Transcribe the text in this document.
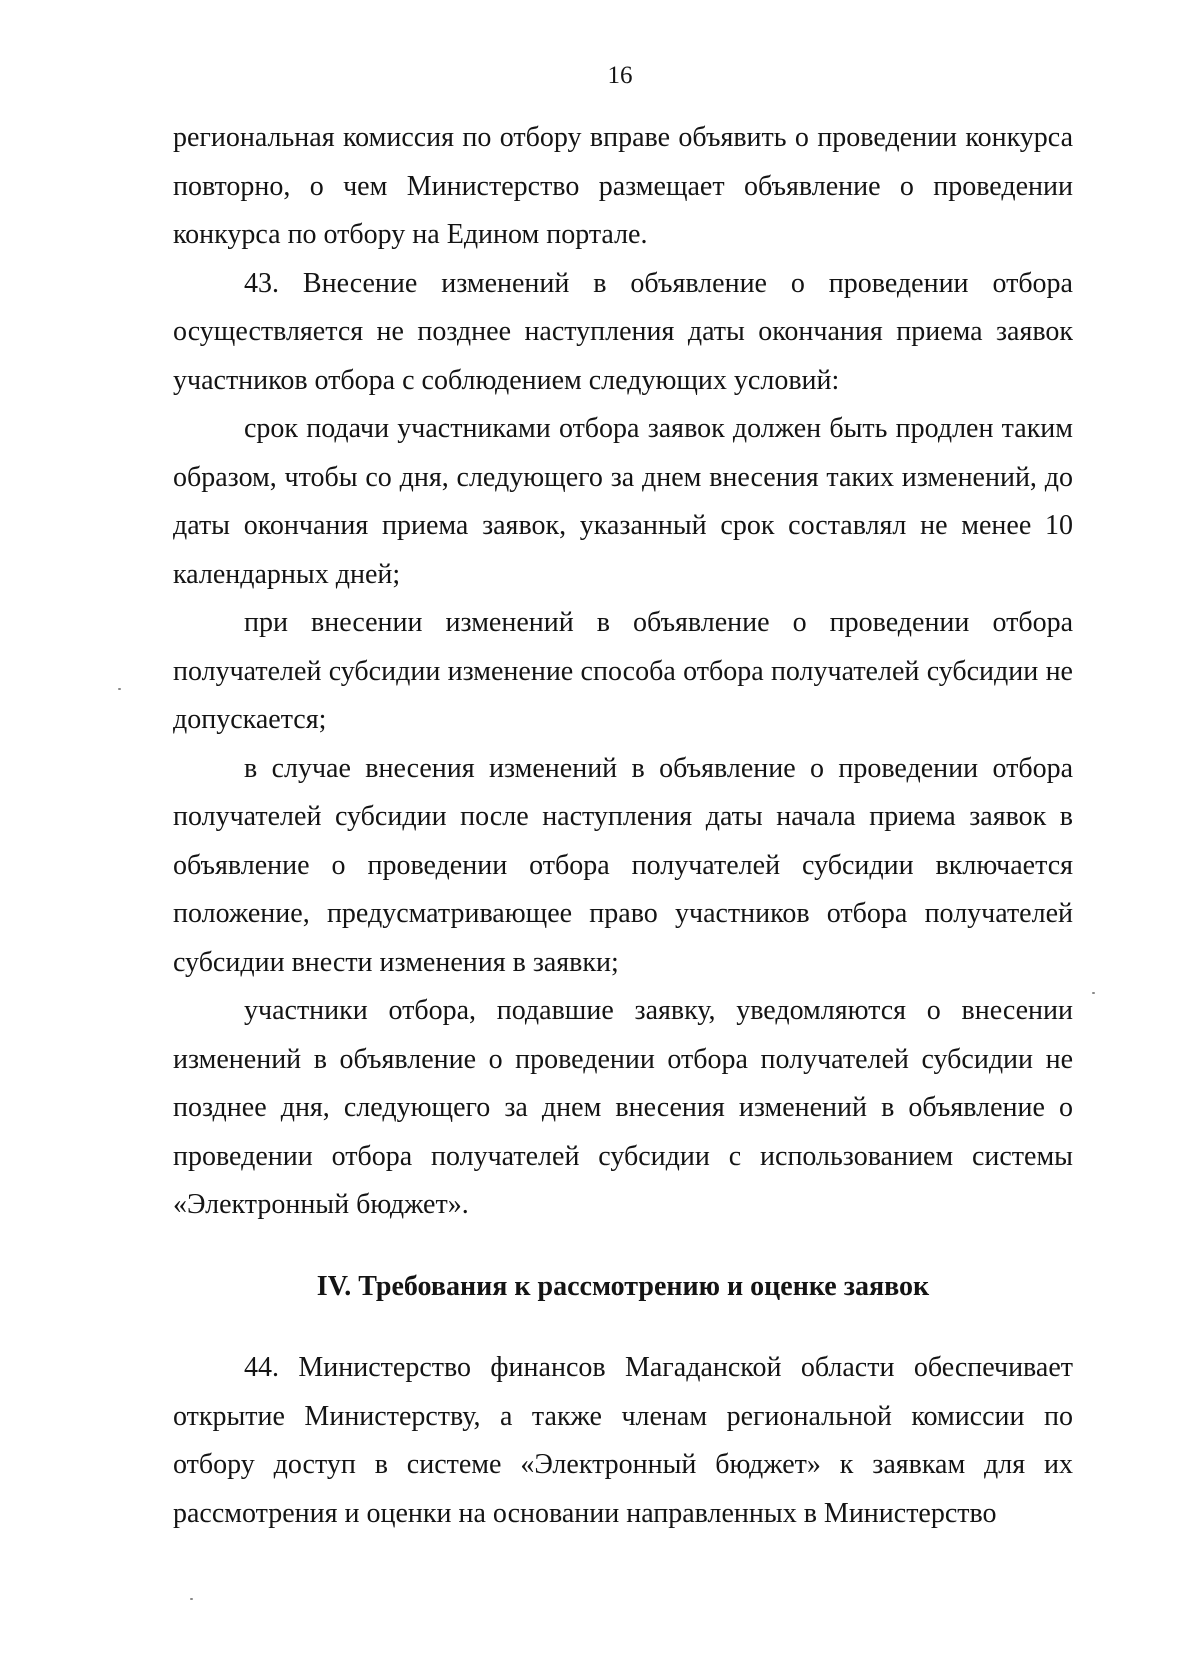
16

региональная комиссия по отбору вправе объявить о проведении конкурса повторно, о чем Министерство размещает объявление о проведении конкурса по отбору на Едином портале.

43. Внесение изменений в объявление о проведении отбора осуществляется не позднее наступления даты окончания приема заявок участников отбора с соблюдением следующих условий:

срок подачи участниками отбора заявок должен быть продлен таким образом, чтобы со дня, следующего за днем внесения таких изменений, до даты окончания приема заявок, указанный срок составлял не менее 10 календарных дней;

при внесении изменений в объявление о проведении отбора получателей субсидии изменение способа отбора получателей субсидии не допускается;

в случае внесения изменений в объявление о проведении отбора получателей субсидии после наступления даты начала приема заявок в объявление о проведении отбора получателей субсидии включается положение, предусматривающее право участников отбора получателей субсидии внести изменения в заявки;

участники отбора, подавшие заявку, уведомляются о внесении изменений в объявление о проведении отбора получателей субсидии не позднее дня, следующего за днем внесения изменений в объявление о проведении отбора получателей субсидии с использованием системы «Электронный бюджет».

IV. Требования к рассмотрению и оценке заявок

44. Министерство финансов Магаданской области обеспечивает открытие Министерству, а также членам региональной комиссии по отбору доступ в системе «Электронный бюджет» к заявкам для их рассмотрения и оценки на основании направленных в Министерство
